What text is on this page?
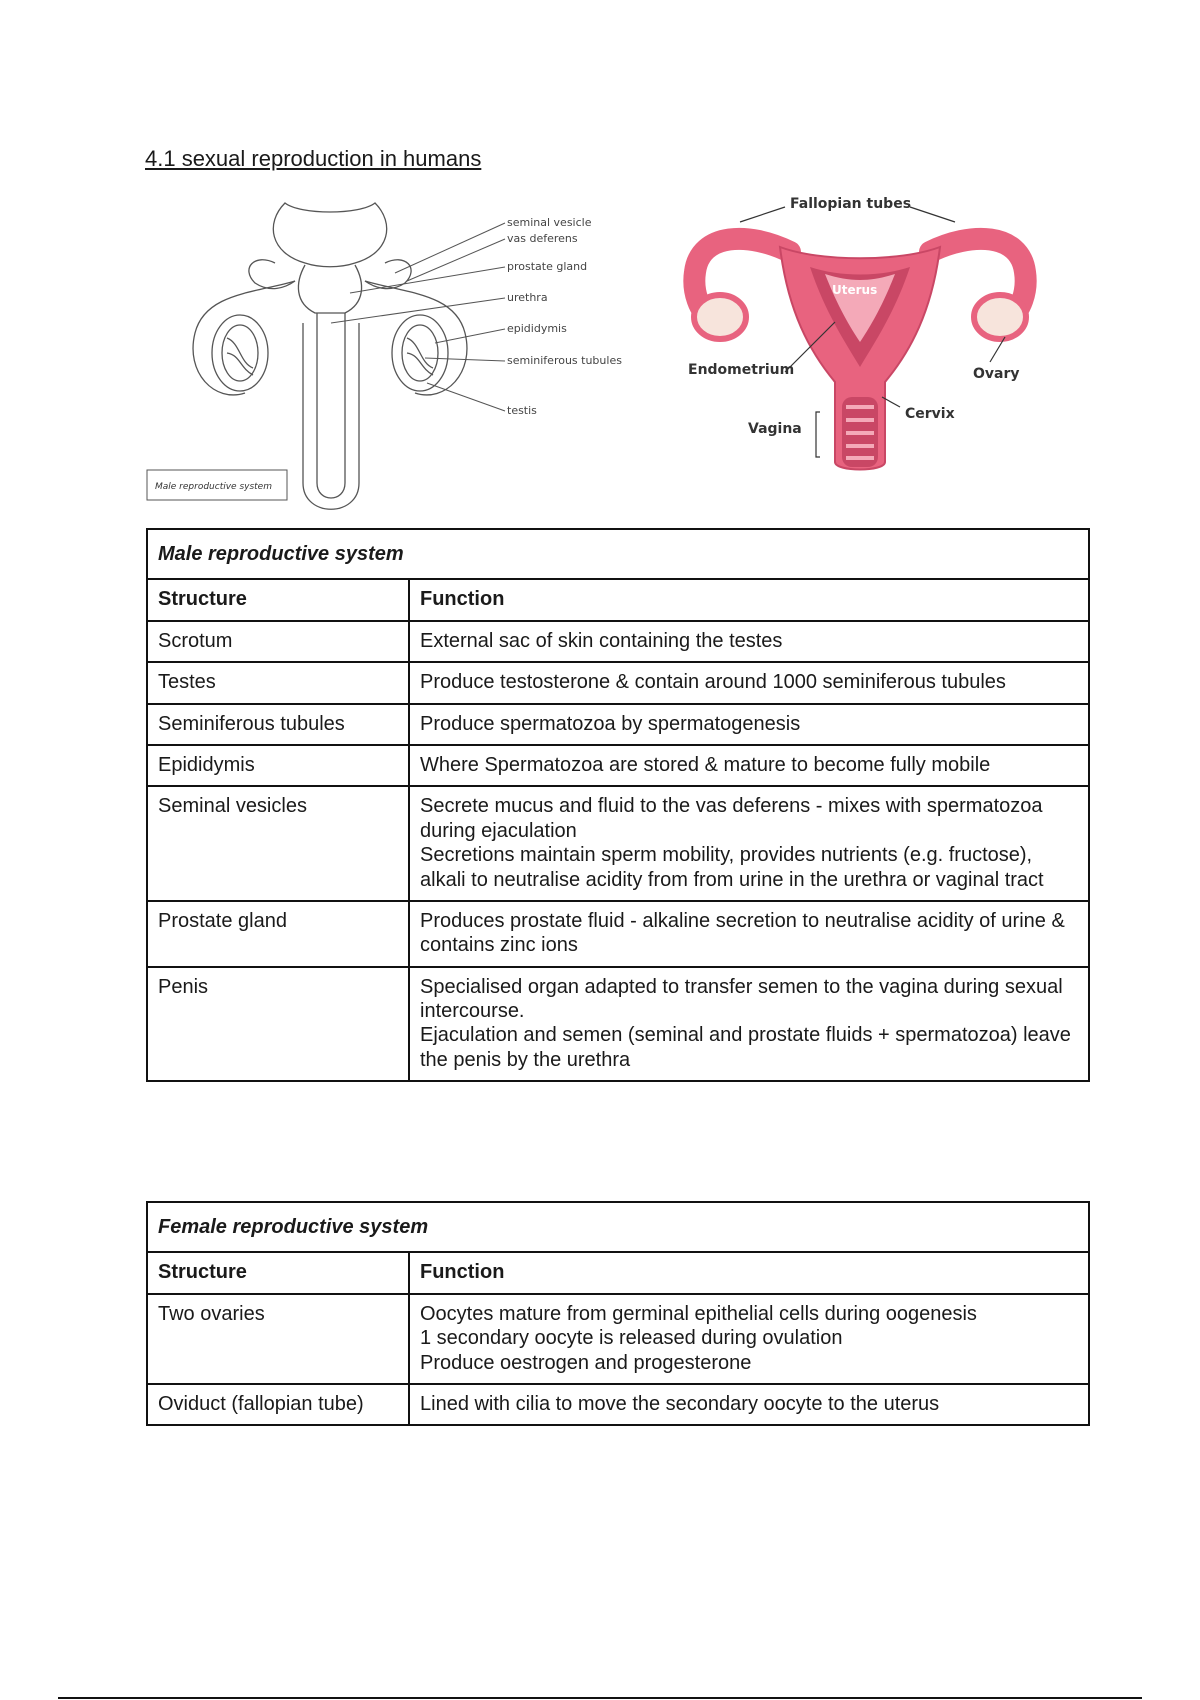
4.1 sexual reproduction in humans
seminal vesicle
vas deferens
prostate gland
urethra
epididymis
seminiferous tubules
testis
Male reproductive system
Fallopian tubes
Endometrium	Ovary
Cervix
Vagina
Uterus
Male reproductive system	
Structure	Function
Scrotum	External sac of skin containing the testes

Testes	Produce testosterone & contain around 1000 seminiferous tubules

Seminiferous tubules	Produce spermatozoa by spermatogenesis

Epididymis	Where Spermatozoa are stored & mature to become fully mobile

Seminal vesicles	Secrete mucus and fluid to the vas deferens - mixes with spermatozoa during ejaculation
Secretions maintain sperm mobility, provides nutrients (e.g. fructose), alkali to neutralise acidity from from urine in the urethra or vaginal tract

Prostate gland	Produces prostate fluid - alkaline secretion to neutralise acidity of urine & contains zinc ions

Penis	Specialised organ adapted to transfer semen to the vagina during sexual intercourse.
Ejaculation and semen (seminal and prostate fluids + spermatozoa) leave the penis by the urethra
Female reproductive system	
Structure	Function
Two ovaries	Oocytes mature from germinal epithelial cells during oogenesis
1 secondary oocyte is released during ovulation
Produce oestrogen and progesterone

Oviduct (fallopian tube)	Lined with cilia to move the secondary oocyte to the uterus
